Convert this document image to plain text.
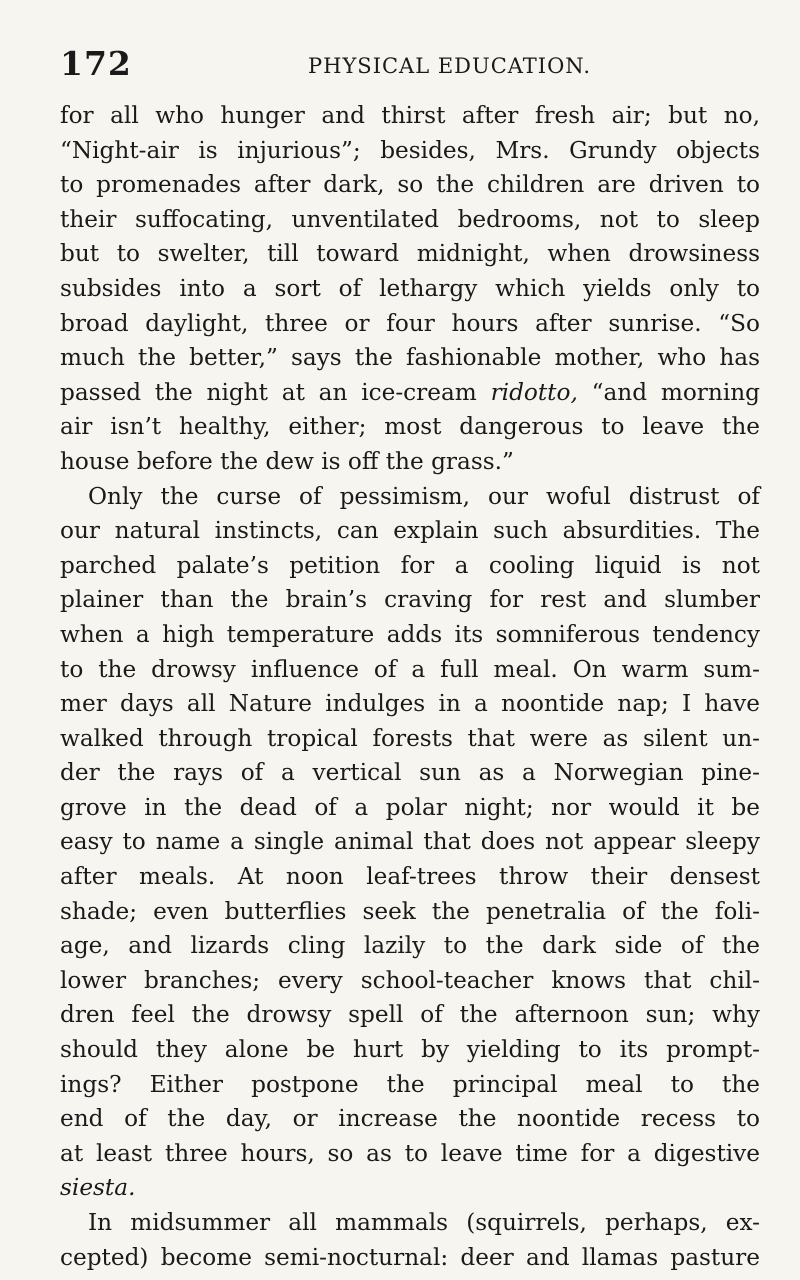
172	PHYSICAL EDUCATION.
for all who hunger and thirst after fresh air; but no,
“Night-air is injurious”; besides, Mrs. Grundy objects
to promenades after dark, so the children are driven to
their suffocating, unventilated bedrooms, not to sleep
but to swelter, till toward midnight, when drowsiness
subsides into a sort of lethargy which yields only to
broad daylight, three or four hours after sunrise. “So
much the better,” says the fashionable mother, who has
passed the night at an ice-cream ridotto, “and morning
air isn’t healthy, either; most dangerous to leave the
house before the dew is off the grass.”
Only the curse of pessimism, our woful distrust of
our natural instincts, can explain such absurdities. The
parched palate’s petition for a cooling liquid is not
plainer than the brain’s craving for rest and slumber
when a high temperature adds its somniferous tendency
to the drowsy influence of a full meal. On warm sum-
mer days all Nature indulges in a noontide nap; I have
walked through tropical forests that were as silent un-
der the rays of a vertical sun as a Norwegian pine-
grove in the dead of a polar night; nor would it be
easy to name a single animal that does not appear sleepy
after meals. At noon leaf-trees throw their densest
shade; even butterflies seek the penetralia of the foli-
age, and lizards cling lazily to the dark side of the
lower branches; every school-teacher knows that chil-
dren feel the drowsy spell of the afternoon sun; why
should they alone be hurt by yielding to its prompt-
ings? Either postpone the principal meal to the
end of the day, or increase the noontide recess to
at least three hours, so as to leave time for a digestive
siesta.
In midsummer all mammals (squirrels, perhaps, ex-
cepted) become semi-nocturnal: deer and llamas pasture
